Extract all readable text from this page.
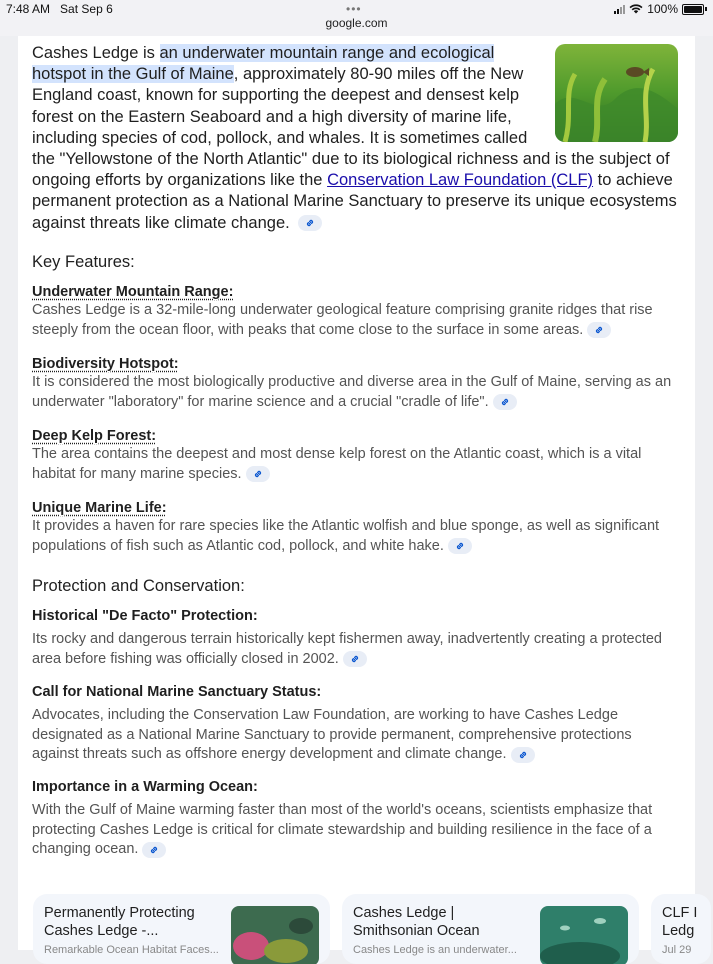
7:48 AM Sat Sep 6	•••
google.com
100%
Cashes Ledge is an underwater mountain range and ecological hotspot in the Gulf of Maine, approximately 80-90 miles off the New England coast, known for supporting the deepest and densest kelp forest on the Eastern Seaboard and a high diversity of marine life, including species of cod, pollock, and whales. It is sometimes called the "Yellowstone of the North Atlantic" due to its biological richness and is the subject of ongoing efforts by organizations like the Conservation Law Foundation (CLF) to achieve permanent protection as a National Marine Sanctuary to preserve its unique ecosystems against threats like climate change.
Key Features:
Underwater Mountain Range:
Cashes Ledge is a 32-mile-long underwater geological feature comprising granite ridges that rise steeply from the ocean floor, with peaks that come close to the surface in some areas.
Biodiversity Hotspot:
It is considered the most biologically productive and diverse area in the Gulf of Maine, serving as an underwater "laboratory" for marine science and a crucial "cradle of life".
Deep Kelp Forest:
The area contains the deepest and most dense kelp forest on the Atlantic coast, which is a vital habitat for many marine species.
Unique Marine Life:
It provides a haven for rare species like the Atlantic wolfish and blue sponge, as well as significant populations of fish such as Atlantic cod, pollock, and white hake.
Protection and Conservation:
Historical "De Facto" Protection:
Its rocky and dangerous terrain historically kept fishermen away, inadvertently creating a protected area before fishing was officially closed in 2002.
Call for National Marine Sanctuary Status:
Advocates, including the Conservation Law Foundation, are working to have Cashes Ledge designated as a National Marine Sanctuary to provide permanent, comprehensive protections against threats such as offshore energy development and climate change.
Importance in a Warming Ocean:
With the Gulf of Maine warming faster than most of the world's oceans, scientists emphasize that protecting Cashes Ledge is critical for climate stewardship and building resilience in the face of a changing ocean.
Permanently Protecting Cashes Ledge -...
Remarkable Ocean Habitat Faces...
Cashes Ledge | Smithsonian Ocean
Cashes Ledge is an underwater...
CLF I Ledg
Jul 29
